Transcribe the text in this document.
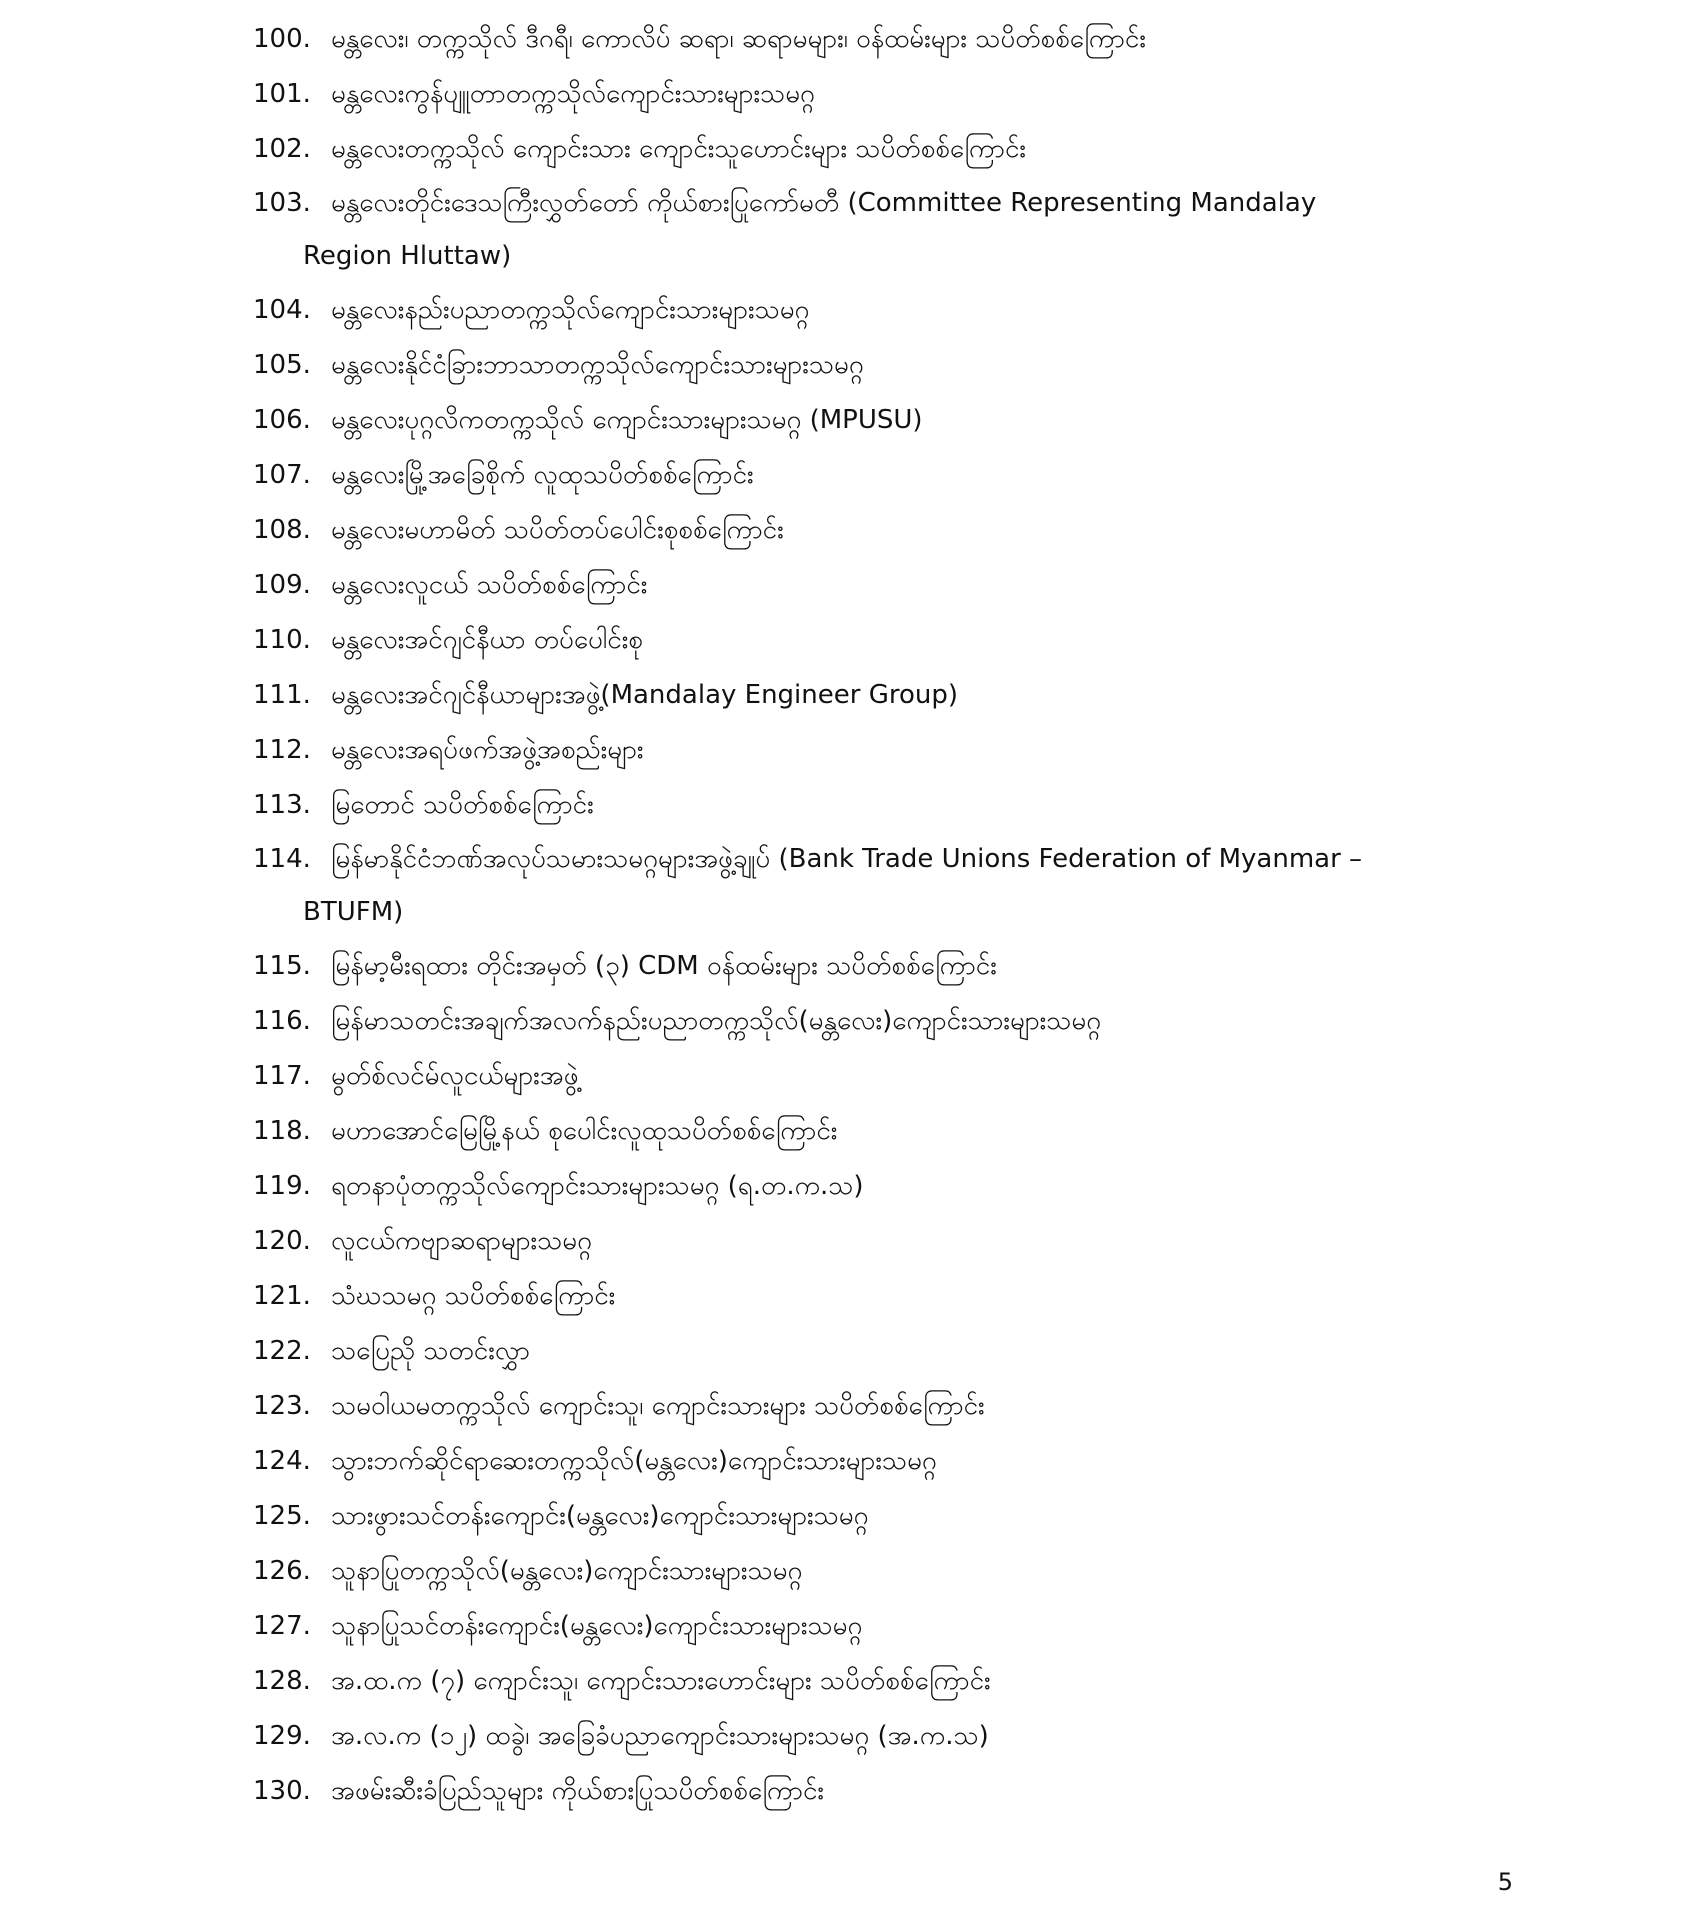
100. မန္တလေး၊ တက္ကသိုလ် ဒီဂရီ၊ ကောလိပ် ဆရာ၊ ဆရာမများ၊ ဝန်ထမ်းများ သပိတ်စစ်ကြောင်း
101. မန္တလေးကွန်ပျူတာတက္ကသိုလ်ကျောင်းသားများသမဂ္ဂ
102. မန္တလေးတက္ကသိုလ် ကျောင်းသား ကျောင်းသူဟောင်းများ သပိတ်စစ်ကြောင်း
103. မန္တလေးတိုင်းဒေသကြီးလွှတ်တော် ကိုယ်စားပြုကော်မတီ (Committee Representing Mandalay
Region Hluttaw)
104. မန္တလေးနည်းပညာတက္ကသိုလ်ကျောင်းသားများသမဂ္ဂ
105. မန္တလေးနိုင်ငံခြားဘာသာတက္ကသိုလ်ကျောင်းသားများသမဂ္ဂ
106. မန္တလေးပုဂ္ဂလိကတက္ကသိုလ် ကျောင်းသားများသမဂ္ဂ (MPUSU)
107. မန္တလေးမြို့အခြေစိုက် လူထုသပိတ်စစ်ကြောင်း
108. မန္တလေးမဟာမိတ် သပိတ်တပ်ပေါင်းစုစစ်ကြောင်း
109. မန္တလေးလူငယ် သပိတ်စစ်ကြောင်း
110. မန္တလေးအင်ဂျင်နီယာ တပ်ပေါင်းစု
111. မန္တလေးအင်ဂျင်နီယာများအဖွဲ့(Mandalay Engineer Group)
112. မန္တလေးအရပ်ဖက်အဖွဲ့အစည်းများ
113. မြတောင် သပိတ်စစ်ကြောင်း
114. မြန်မာနိုင်ငံဘဏ်အလုပ်သမားသမဂ္ဂများအဖွဲ့ချုပ် (Bank Trade Unions Federation of Myanmar –
BTUFM)
115. မြန်မာ့မီးရထား တိုင်းအမှတ် (၃) CDM ဝန်ထမ်းများ သပိတ်စစ်ကြောင်း
116. မြန်မာသတင်းအချက်အလက်နည်းပညာတက္ကသိုလ်(မန္တလေး)ကျောင်းသားများသမဂ္ဂ
117. မွတ်စ်လင်မ်လူငယ်များအဖွဲ့
118. မဟာအောင်မြေမြို့နယ် စုပေါင်းလူထုသပိတ်စစ်ကြောင်း
119. ရတနာပုံတက္ကသိုလ်ကျောင်းသားများသမဂ္ဂ (ရ.တ.က.သ)
120. လူငယ်ကဗျာဆရာများသမဂ္ဂ
121. သံဃသမဂ္ဂ သပိတ်စစ်ကြောင်း
122. သပြေညို သတင်းလွှာ
123. သမဝါယမတက္ကသိုလ် ကျောင်းသူ၊ ကျောင်းသားများ သပိတ်စစ်ကြောင်း
124. သွားဘက်ဆိုင်ရာဆေးတက္ကသိုလ်(မန္တလေး)ကျောင်းသားများသမဂ္ဂ
125. သားဖွားသင်တန်းကျောင်း(မန္တလေး)ကျောင်းသားများသမဂ္ဂ
126. သူနာပြုတက္ကသိုလ်(မန္တလေး)ကျောင်းသားများသမဂ္ဂ
127. သူနာပြုသင်တန်းကျောင်း(မန္တလေး)ကျောင်းသားများသမဂ္ဂ
128. အ.ထ.က (၇) ကျောင်းသူ၊ ကျောင်းသားဟောင်းများ သပိတ်စစ်ကြောင်း
129. အ.လ.က (၁၂) ထခွဲ၊ အခြေခံပညာကျောင်းသားများသမဂ္ဂ (အ.က.သ)
130. အဖမ်းဆီးခံပြည်သူများ ကိုယ်စားပြုသပိတ်စစ်ကြောင်း
5
